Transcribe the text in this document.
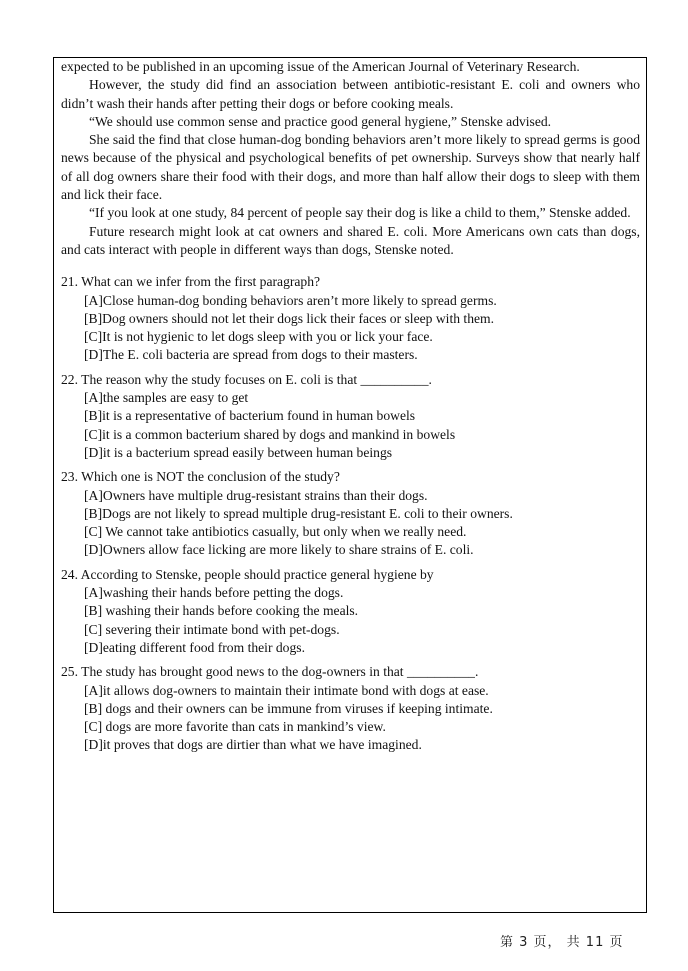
expected to be published in an upcoming issue of the American Journal of Veterinary Research.

However, the study did find an association between antibiotic-resistant E. coli and owners who didn’t wash their hands after petting their dogs or before cooking meals.

“We should use common sense and practice good general hygiene,” Stenske advised.

She said the find that close human-dog bonding behaviors aren’t more likely to spread germs is good news because of the physical and psychological benefits of pet ownership. Surveys show that nearly half of all dog owners share their food with their dogs, and more than half allow their dogs to sleep with them and lick their face.

“If you look at one study, 84 percent of people say their dog is like a child to them,” Stenske added.

Future research might look at cat owners and shared E. coli. More Americans own cats than dogs, and cats interact with people in different ways than dogs, Stenske noted.

21. What can we infer from the first paragraph?

[A]Close human-dog bonding behaviors aren’t more likely to spread germs.

[B]Dog owners should not let their dogs lick their faces or sleep with them.

[C]It is not hygienic to let dogs sleep with you or lick your face.

[D]The E. coli bacteria are spread from dogs to their masters.

22. The reason why the study focuses on E. coli is that __________.

[A]the samples are easy to get

[B]it is a representative of bacterium found in human bowels

[C]it is a common bacterium shared by dogs and mankind in bowels

[D]it is a bacterium spread easily between human beings

23. Which one is NOT the conclusion of the study?

[A]Owners have multiple drug-resistant strains than their dogs.

[B]Dogs are not likely to spread multiple drug-resistant E. coli to their owners.

[C] We cannot take antibiotics casually, but only when we really need.

[D]Owners allow face licking are more likely to share strains of E. coli.

24. According to Stenske, people should practice general hygiene by

[A]washing their hands before petting the dogs.

[B] washing their hands before cooking the meals.

[C] severing their intimate bond with pet-dogs.

[D]eating different food from their dogs.

25. The study has brought good news to the dog-owners in that __________.

[A]it allows dog-owners to maintain their intimate bond with dogs at ease.

[B] dogs and their owners can be immune from viruses if keeping intimate.

[C] dogs are more favorite than cats in mankind’s view.

[D]it proves that dogs are dirtier than what we have imagined.

第 3 页， 共 11 页
